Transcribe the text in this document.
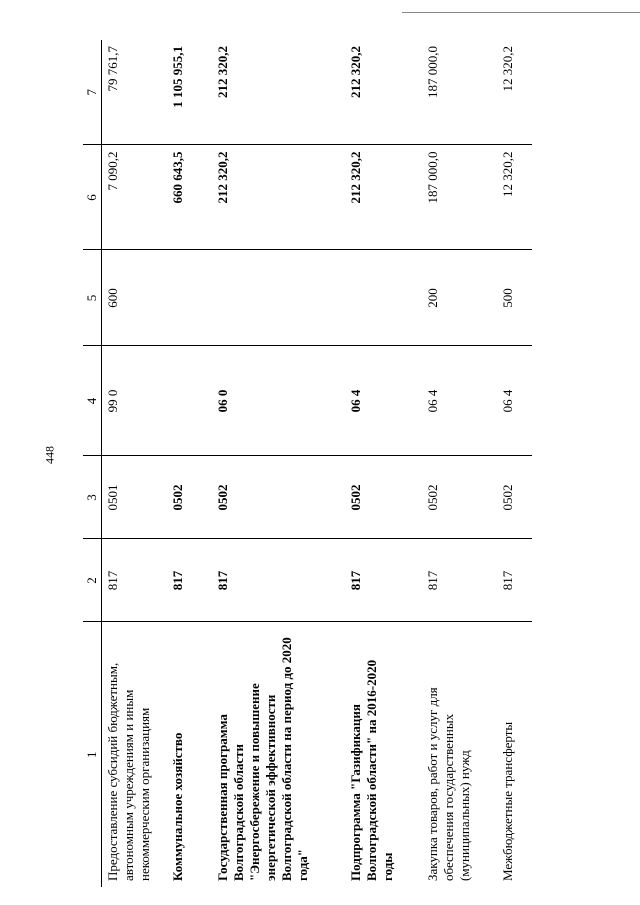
448
1	2	3	4	5	6	7
Предоставление субсидий бюджетным, автономным учреждениям и иным некоммерческим организациям	817	0501	99 0	600	7 090,2	79 761,7
Коммунальное хозяйство	817	0502			660 643,5	1 105 955,1
Государственная программа Волгоградской области "Энергосбережение и повышение энергетической эффективности Волгоградской области на период до 2020 года"	817	0502	06 0		212 320,2	212 320,2
Подпрограмма "Газификация Волгоградской области" на 2016-2020 годы	817	0502	06 4		212 320,2	212 320,2
Закупка товаров, работ и услуг для обеспечения государственных (муниципальных) нужд	817	0502	06 4	200	187 000,0	187 000,0
Межбюджетные трансферты	817	0502	06 4	500	12 320,2	12 320,2
